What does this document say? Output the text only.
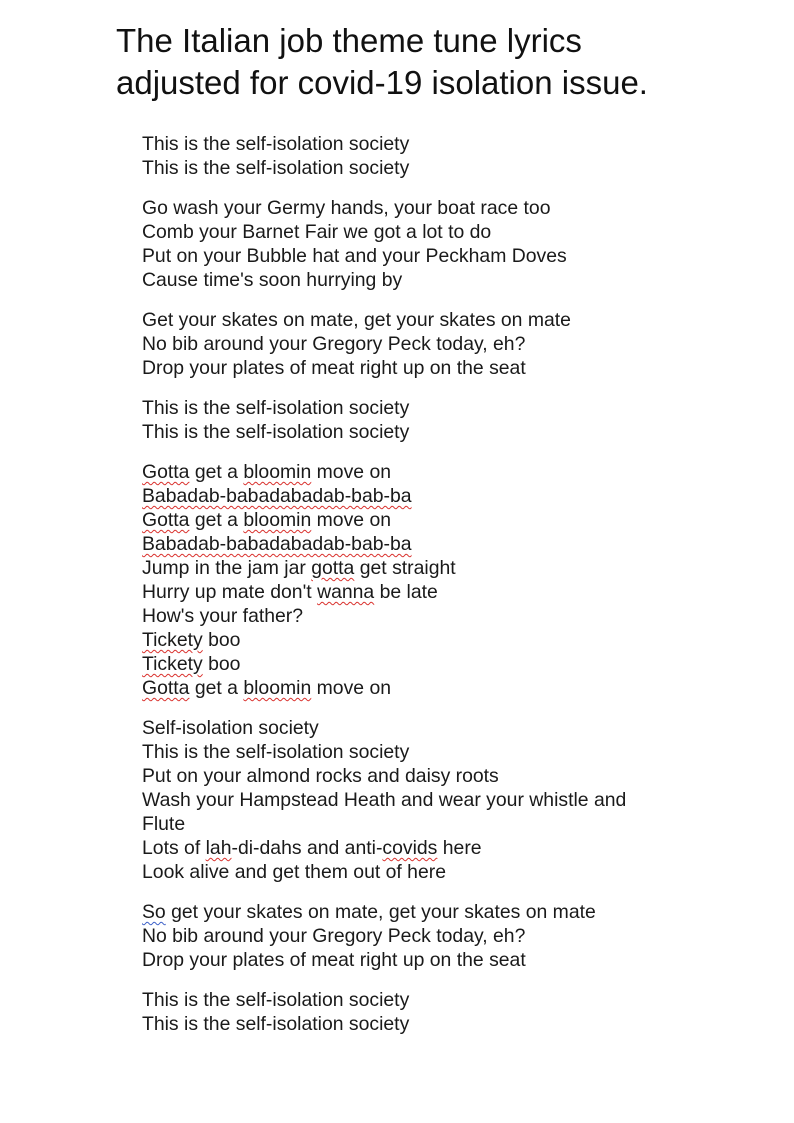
The Italian job theme tune lyrics
adjusted for covid-19 isolation issue.
This is the self-isolation society
This is the self-isolation society
Go wash your Germy hands, your boat race too
Comb your Barnet Fair we got a lot to do
Put on your Bubble hat and your Peckham Doves
Cause time's soon hurrying by
Get your skates on mate, get your skates on mate
No bib around your Gregory Peck today, eh?
Drop your plates of meat right up on the seat
This is the self-isolation society
This is the self-isolation society
Gotta get a bloomin move on
Babadab-babadabadab-bab-ba
Gotta get a bloomin move on
Babadab-babadabadab-bab-ba
Jump in the jam jar gotta get straight
Hurry up mate don't wanna be late
How's your father?
Tickety boo
Tickety boo
Gotta get a bloomin move on
Self-isolation society
This is the self-isolation society
Put on your almond rocks and daisy roots
Wash your Hampstead Heath and wear your whistle and
Flute
Lots of lah-di-dahs and anti-covids here
Look alive and get them out of here
So get your skates on mate, get your skates on mate
No bib around your Gregory Peck today, eh?
Drop your plates of meat right up on the seat
This is the self-isolation society
This is the self-isolation society
